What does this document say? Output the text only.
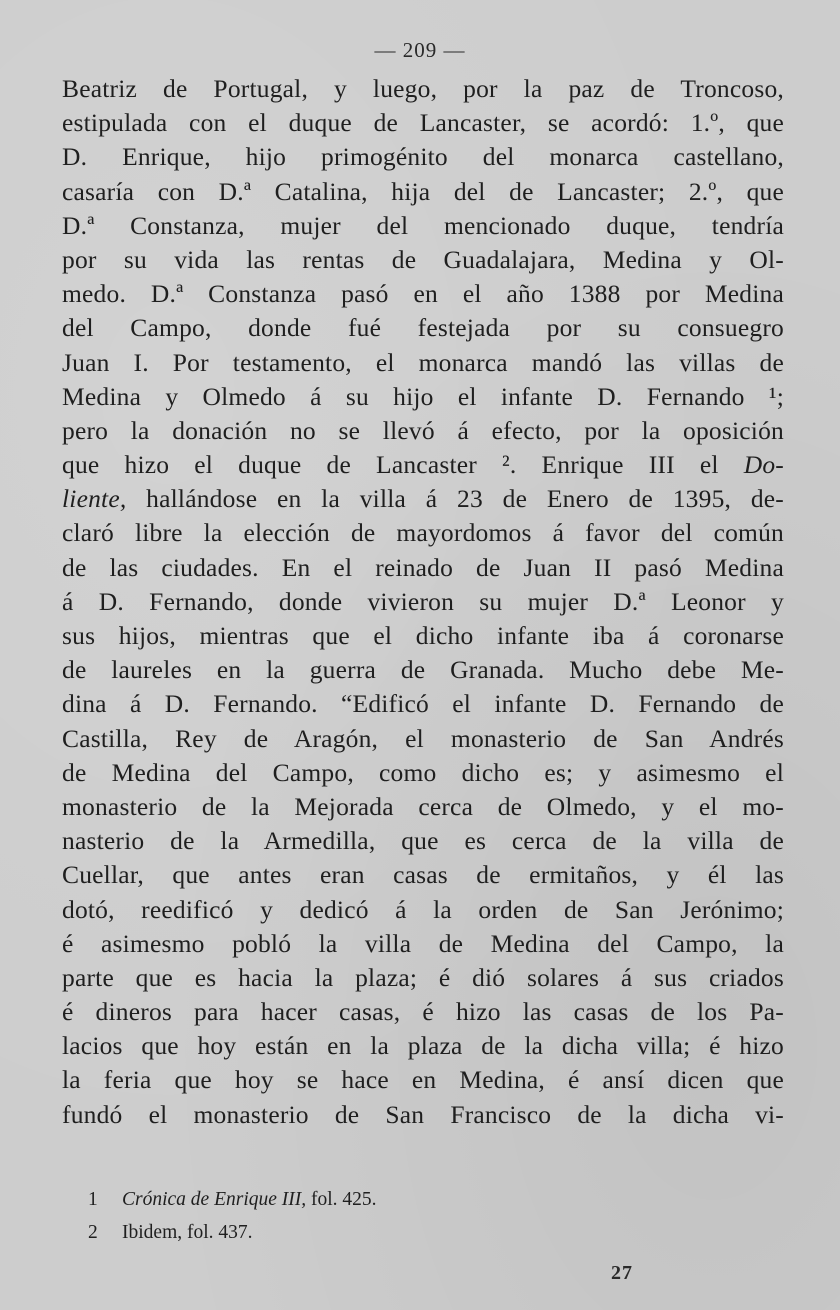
— 209 —
Beatriz de Portugal, y luego, por la paz de Troncoso,
estipulada con el duque de Lancaster, se acordó: 1.º, que
D. Enrique, hijo primogénito del monarca castellano,
casaría con D.ª Catalina, hija del de Lancaster; 2.º, que
D.ª Constanza, mujer del mencionado duque, tendría
por su vida las rentas de Guadalajara, Medina y Ol-
medo. D.ª Constanza pasó en el año 1388 por Medina
del Campo, donde fué festejada por su consuegro
Juan I. Por testamento, el monarca mandó las villas de
Medina y Olmedo á su hijo el infante D. Fernando ¹;
pero la donación no se llevó á efecto, por la oposición
que hizo el duque de Lancaster ². Enrique III el Do-
liente, hallándose en la villa á 23 de Enero de 1395, de-
claró libre la elección de mayordomos á favor del común
de las ciudades. En el reinado de Juan II pasó Medina
á D. Fernando, donde vivieron su mujer D.ª Leonor y
sus hijos, mientras que el dicho infante iba á coronarse
de laureles en la guerra de Granada. Mucho debe Me-
dina á D. Fernando. “Edificó el infante D. Fernando de
Castilla, Rey de Aragón, el monasterio de San Andrés
de Medina del Campo, como dicho es; y asimesmo el
monasterio de la Mejorada cerca de Olmedo, y el mo-
nasterio de la Armedilla, que es cerca de la villa de
Cuellar, que antes eran casas de ermitaños, y él las
dotó, reedificó y dedicó á la orden de San Jerónimo;
é asimesmo pobló la villa de Medina del Campo, la
parte que es hacia la plaza; é dió solares á sus criados
é dineros para hacer casas, é hizo las casas de los Pa-
lacios que hoy están en la plaza de la dicha villa; é hizo
la feria que hoy se hace en Medina, é ansí dicen que
fundó el monasterio de San Francisco de la dicha vi-
1 Crónica de Enrique III, fol. 425.
2 Ibidem, fol. 437.
27
